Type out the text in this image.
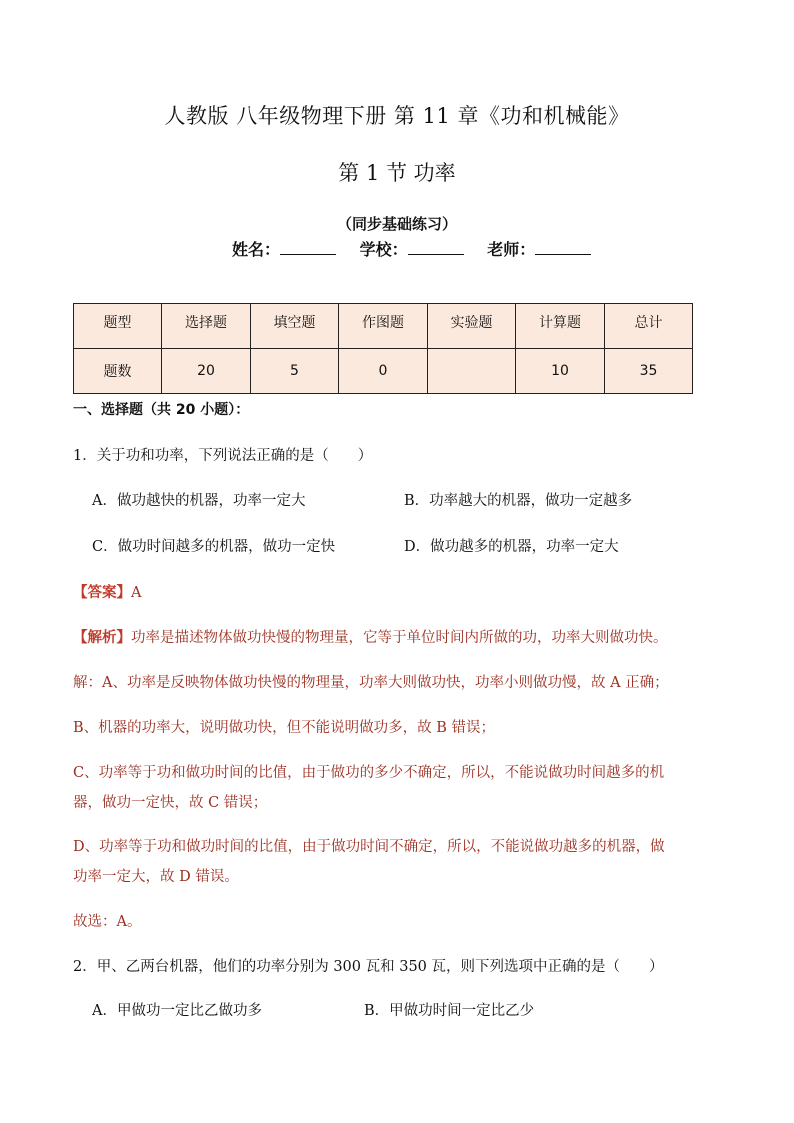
人教版 八年级物理下册 第 11 章《功和机械能》
第 1 节 功率
（同步基础练习）
姓名：	学校：	老师：
题型	选择题	填空题	作图题	实验题	计算题	总计
题数	20	5	0		10	35
一、选择题（共 20 小题）：
1．关于功和功率，下列说法正确的是（　　）
A．做功越快的机器，功率一定大	B．功率越大的机器，做功一定越多
C．做功时间越多的机器，做功一定快	D．做功越多的机器，功率一定大
【答案】A
【解析】功率是描述物体做功快慢的物理量，它等于单位时间内所做的功，功率大则做功快。
解：A、功率是反映物体做功快慢的物理量，功率大则做功快，功率小则做功慢，故 A 正确；
B、机器的功率大，说明做功快，但不能说明做功多，故 B 错误；
C、功率等于功和做功时间的比值，由于做功的多少不确定，所以，不能说做功时间越多的机
器，做功一定快，故 C 错误；
D、功率等于功和做功时间的比值，由于做功时间不确定，所以，不能说做功越多的机器，做
功率一定大，故 D 错误。
故选：A。
2．甲、乙两台机器，他们的功率分别为 300 瓦和 350 瓦，则下列选项中正确的是（　　）
A．甲做功一定比乙做功多	B．甲做功时间一定比乙少
